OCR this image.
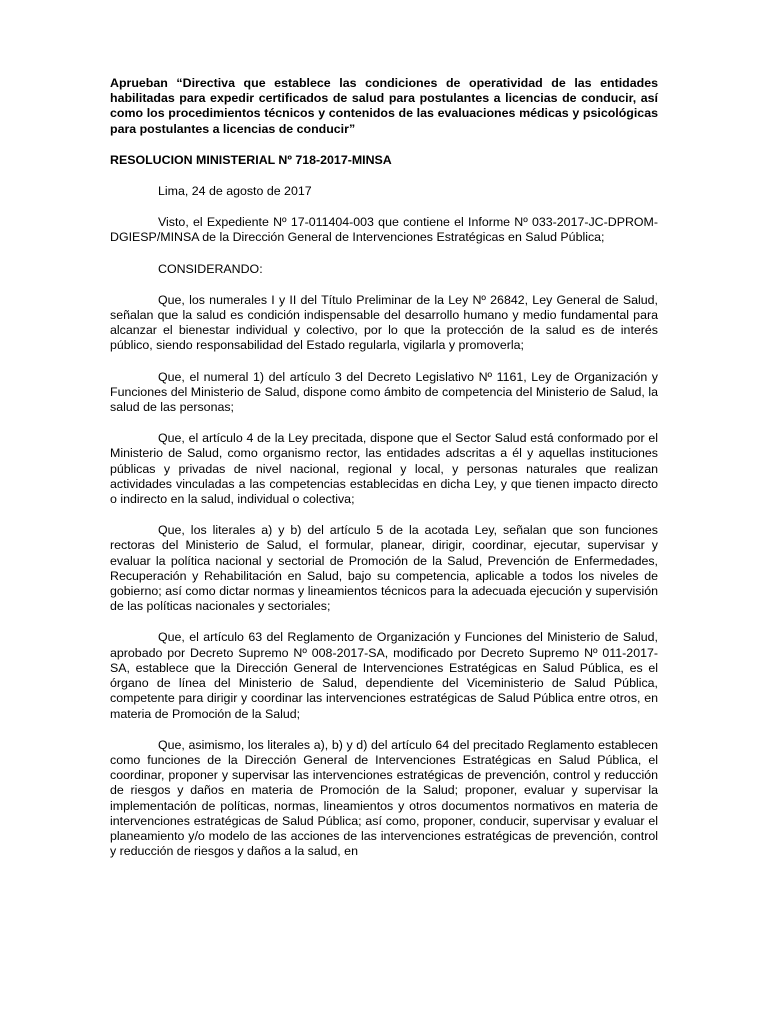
Aprueban “Directiva que establece las condiciones de operatividad de las entidades habilitadas para expedir certificados de salud para postulantes a licencias de conducir, así como los procedimientos técnicos y contenidos de las evaluaciones médicas y psicológicas para postulantes a licencias de conducir”

RESOLUCION MINISTERIAL Nº 718-2017-MINSA

Lima, 24 de agosto de 2017

Visto, el Expediente Nº 17-011404-003 que contiene el Informe Nº 033-2017-JC-DPROM-DGIESP/MINSA de la Dirección General de Intervenciones Estratégicas en Salud Pública;

CONSIDERANDO:

Que, los numerales I y II del Título Preliminar de la Ley Nº 26842, Ley General de Salud, señalan que la salud es condición indispensable del desarrollo humano y medio fundamental para alcanzar el bienestar individual y colectivo, por lo que la protección de la salud es de interés público, siendo responsabilidad del Estado regularla, vigilarla y promoverla;

Que, el numeral 1) del artículo 3 del Decreto Legislativo Nº 1161, Ley de Organización y Funciones del Ministerio de Salud, dispone como ámbito de competencia del Ministerio de Salud, la salud de las personas;

Que, el artículo 4 de la Ley precitada, dispone que el Sector Salud está conformado por el Ministerio de Salud, como organismo rector, las entidades adscritas a él y aquellas instituciones públicas y privadas de nivel nacional, regional y local, y personas naturales que realizan actividades vinculadas a las competencias establecidas en dicha Ley, y que tienen impacto directo o indirecto en la salud, individual o colectiva;

Que, los literales a) y b) del artículo 5 de la acotada Ley, señalan que son funciones rectoras del Ministerio de Salud, el formular, planear, dirigir, coordinar, ejecutar, supervisar y evaluar la política nacional y sectorial de Promoción de la Salud, Prevención de Enfermedades, Recuperación y Rehabilitación en Salud, bajo su competencia, aplicable a todos los niveles de gobierno; así como dictar normas y lineamientos técnicos para la adecuada ejecución y supervisión de las políticas nacionales y sectoriales;

Que, el artículo 63 del Reglamento de Organización y Funciones del Ministerio de Salud, aprobado por Decreto Supremo Nº 008-2017-SA, modificado por Decreto Supremo Nº 011-2017-SA, establece que la Dirección General de Intervenciones Estratégicas en Salud Pública, es el órgano de línea del Ministerio de Salud, dependiente del Viceministerio de Salud Pública, competente para dirigir y coordinar las intervenciones estratégicas de Salud Pública entre otros, en materia de Promoción de la Salud;

Que, asimismo, los literales a), b) y d) del artículo 64 del precitado Reglamento establecen como funciones de la Dirección General de Intervenciones Estratégicas en Salud Pública, el coordinar, proponer y supervisar las intervenciones estratégicas de prevención, control y reducción de riesgos y daños en materia de Promoción de la Salud; proponer, evaluar y supervisar la implementación de políticas, normas, lineamientos y otros documentos normativos en materia de intervenciones estratégicas de Salud Pública; así como, proponer, conducir, supervisar y evaluar el planeamiento y/o modelo de las acciones de las intervenciones estratégicas de prevención, control y reducción de riesgos y daños a la salud, en
